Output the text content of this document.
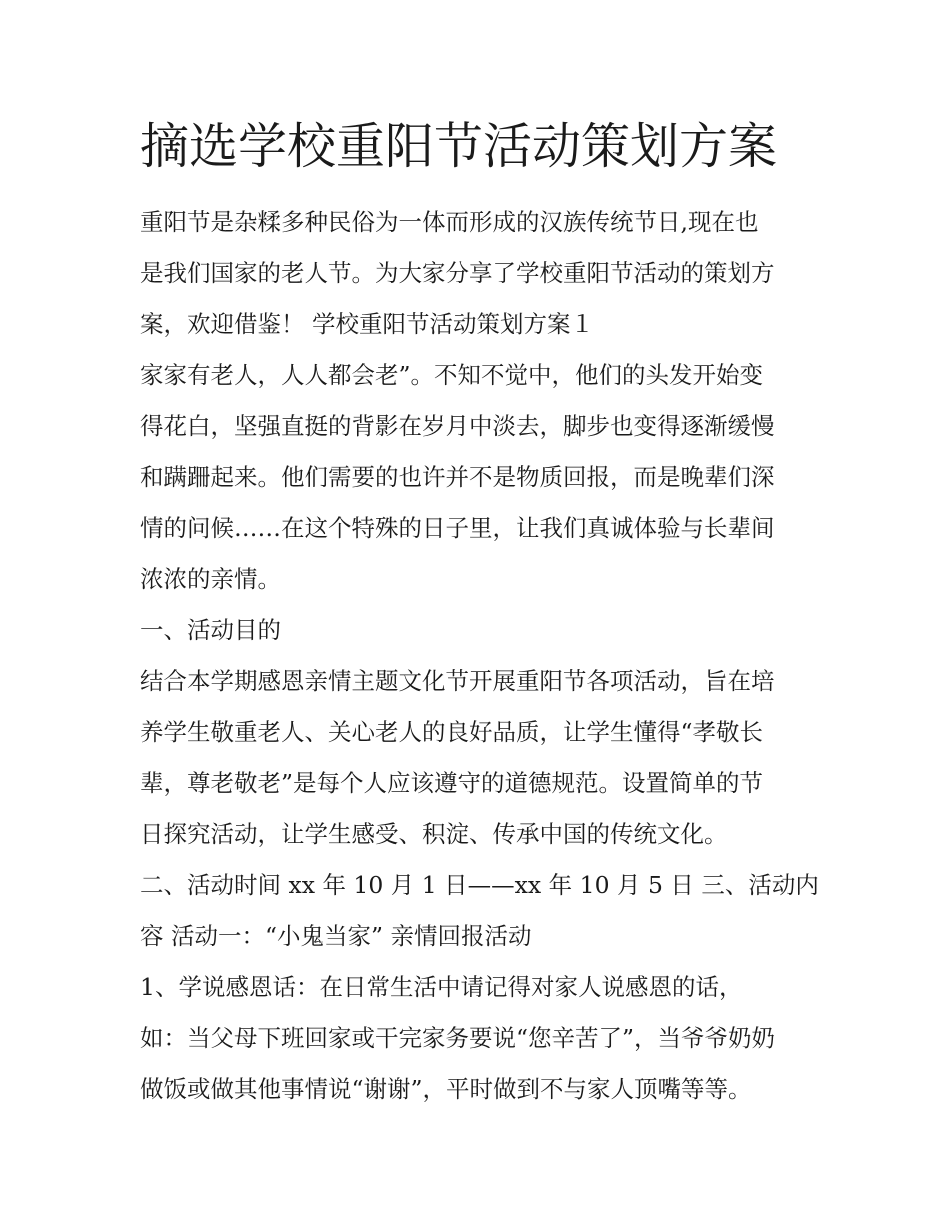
摘选学校重阳节活动策划方案
重阳节是杂糅多种民俗为一体而形成的汉族传统节日,现在也
是我们国家的老人节。为大家分享了学校重阳节活动的策划方
案，欢迎借鉴！ 学校重阳节活动策划方案１
家家有老人，人人都会老”。不知不觉中，他们的头发开始变
得花白，坚强直挺的背影在岁月中淡去，脚步也变得逐渐缓慢
和蹒跚起来。他们需要的也许并不是物质回报，而是晚辈们深
情的问候……在这个特殊的日子里，让我们真诚体验与长辈间
浓浓的亲情。
一、活动目的
结合本学期感恩亲情主题文化节开展重阳节各项活动，旨在培
养学生敬重老人、关心老人的良好品质，让学生懂得“孝敬长
辈，尊老敬老”是每个人应该遵守的道德规范。设置简单的节
日探究活动，让学生感受、积淀、传承中国的传统文化。
二、活动时间 xx 年 10 月 1 日——xx 年 10 月 5 日 三、活动内
容 活动一：“小鬼当家” 亲情回报活动
1、学说感恩话：在日常生活中请记得对家人说感恩的话，
如：当父母下班回家或干完家务要说“您辛苦了”，当爷爷奶奶
做饭或做其他事情说“谢谢”，平时做到不与家人顶嘴等等。
